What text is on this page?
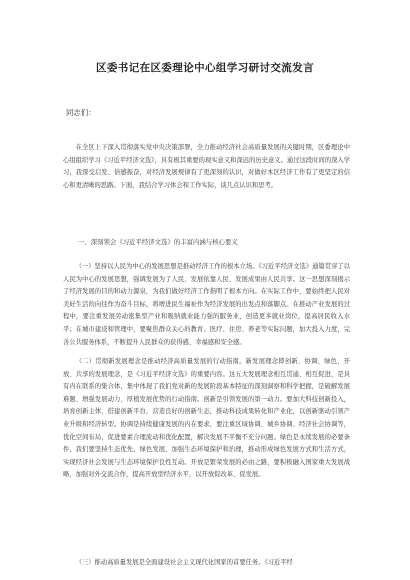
区委书记在区委理论中心组学习研讨交流发言
同志们：

在全区上下深入贯彻落实党中央决策部署，全力推动经济社会高质量发展的关键时期，区委理论中心组组织学习《习近平经济文选》，具有极其重要的现实意义和深远的历史意义。通过这段时间的深入学习，我深受启发、倍感振奋，对经济发展规律有了更深刻的认识，对做好本区经济工作有了更坚定的信心和更清晰的思路。下面，我结合学习体会和工作实际，谈几点认识和思考。

一、深刻领会《习近平经济文选》的丰富内涵与核心要义

（一）坚持以人民为中心的发展思想是推动经济工作的根本立场。《习近平经济文选》通篇贯穿了以人民为中心的发展思想，强调发展为了人民、发展依靠人民、发展成果由人民共享。这一思想深刻揭示了经济发展的目的和动力源泉，为我们做好经济工作指明了根本方向。在实际工作中，要始终把人民对美好生活的向往作为奋斗目标，将增进民生福祉作为经济发展的出发点和落脚点。在推动产业发展的过程中，要注重发展劳动密集型产业和吸纳就业能力强的服务业，创造更多就业岗位，提高居民收入水平；在城市建设和管理中，要聚焦群众关心的教育、医疗、住房、养老等实际问题，加大投入力度，完善公共服务体系，不断提升人民群众的获得感、幸福感和安全感。

（二）贯彻新发展理念是推动经济高质量发展的行动指南。新发展理念即创新、协调、绿色、开放、共享的发展理念，是《习近平经济文选》的重要内容。这五大发展理念相互贯通、相互促进，是具有内在联系的集合体，集中体现了我们党对新的发展阶段基本特征的深刻洞察和科学把握，是破解发展难题、增强发展动力、厚植发展优势的行动指南。创新是引领发展的第一动力。要加大科技创新投入，培育创新主体，搭建创新平台，营造良好的创新生态，推动科技成果转化和产业化，以创新驱动引领产业升级和经济转型。协调是持续健康发展的内在要求，要注重区域协调、城乡协调、经济社会协调等，优化空间布局，促进要素合理流动和优化配置，解决发展不平衡不充分问题。绿色是永续发展的必要条件，我们要坚持生态优先、绿色发展，加强生态环境保护和治理，推动形成绿色发展方式和生活方式，实现经济社会发展与生态环境保护良性互动。开放是繁荣发展的必由之路，要积极融入国家重大发展战略，加强对外交流合作，提高开放型经济水平，以开放促改革、促发展。

（三）推动高质量发展是全面建设社会主义现代化国家的首要任务。《习近平经
